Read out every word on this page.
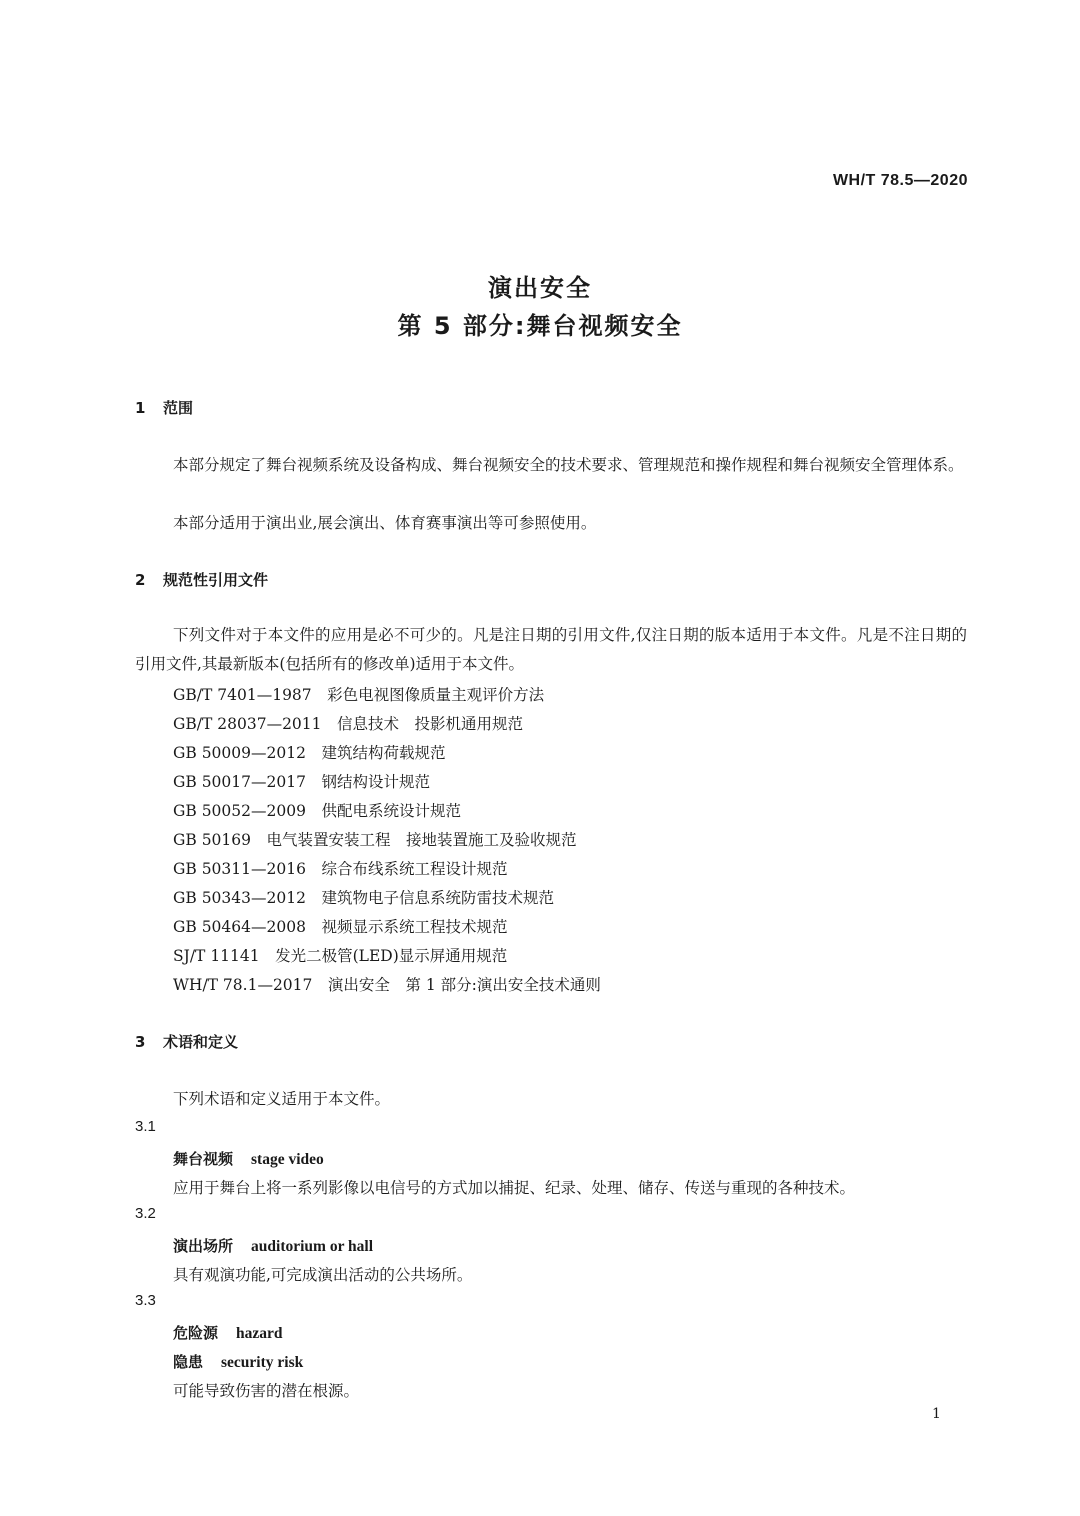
WH/T 78.5—2020
演出安全
第 5 部分:舞台视频安全
1 范围
本部分规定了舞台视频系统及设备构成、舞台视频安全的技术要求、管理规范和操作规程和舞台视频安全管理体系。
本部分适用于演出业,展会演出、体育赛事演出等可参照使用。
2 规范性引用文件
下列文件对于本文件的应用是必不可少的。凡是注日期的引用文件,仅注日期的版本适用于本文件。凡是不注日期的引用文件,其最新版本(包括所有的修改单)适用于本文件。
GB/T 7401—1987　彩色电视图像质量主观评价方法
GB/T 28037—2011　信息技术　投影机通用规范
GB 50009—2012　建筑结构荷载规范
GB 50017—2017　钢结构设计规范
GB 50052—2009　供配电系统设计规范
GB 50169　电气装置安装工程　接地装置施工及验收规范
GB 50311—2016　综合布线系统工程设计规范
GB 50343—2012　建筑物电子信息系统防雷技术规范
GB 50464—2008　视频显示系统工程技术规范
SJ/T 11141　发光二极管(LED)显示屏通用规范
WH/T 78.1—2017　演出安全　第 1 部分:演出安全技术通则
3 术语和定义
下列术语和定义适用于本文件。
3.1
舞台视频 stage video
应用于舞台上将一系列影像以电信号的方式加以捕捉、纪录、处理、储存、传送与重现的各种技术。
3.2
演出场所 auditorium or hall
具有观演功能,可完成演出活动的公共场所。
3.3
危险源 hazard
隐患 security risk
可能导致伤害的潜在根源。
1
